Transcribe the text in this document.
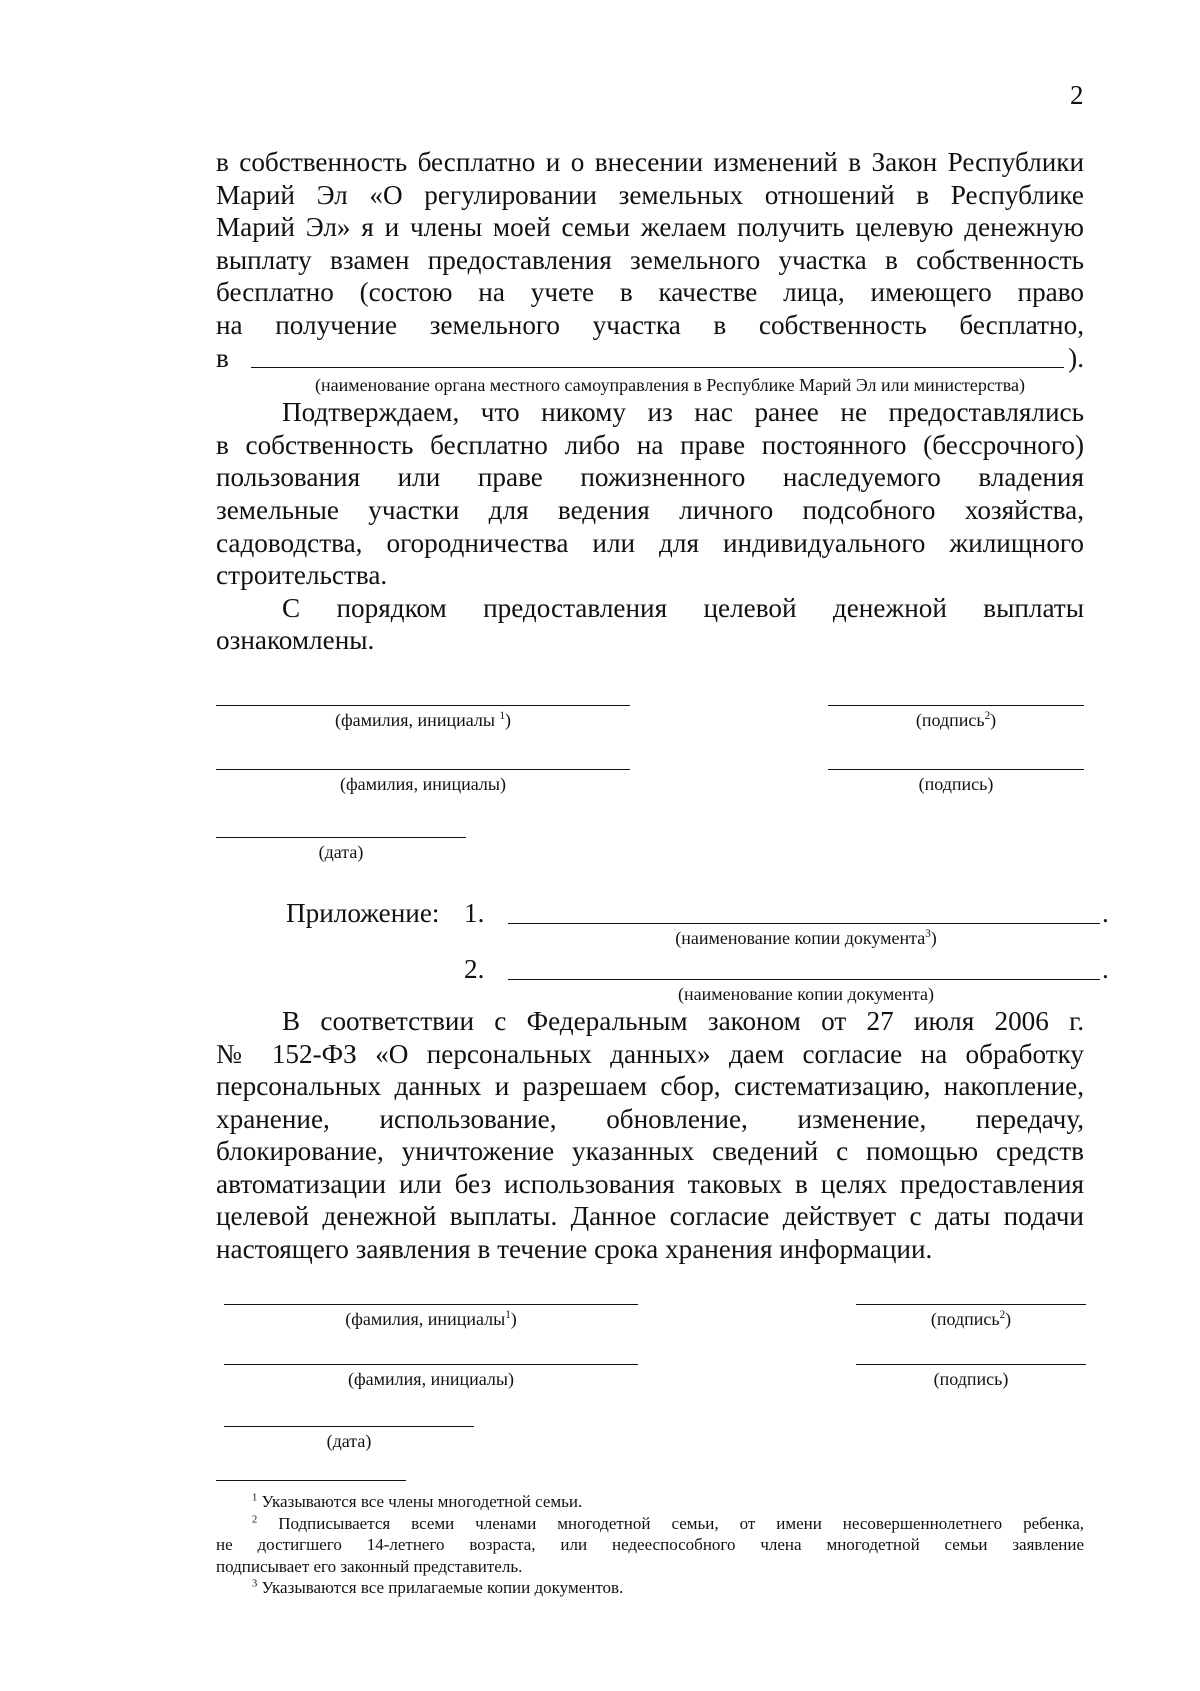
2

в собственность бесплатно и о внесении изменений в Закон Республики

Марий Эл «О регулировании земельных отношений в Республике

Марий Эл» я и члены моей семьи желаем получить целевую денежную

выплату взамен предоставления земельного участка в собственность

бесплатно (состою на учете в качестве лица, имеющего право

на получение земельного участка в собственность бесплатно,

в	).
(наименование органа местного самоуправления в Республике Марий Эл или министерства)

Подтверждаем, что никому из нас ранее не предоставлялись

в собственность бесплатно либо на праве постоянного (бессрочного)

пользования или праве пожизненного наследуемого владения

земельные участки для ведения личного подсобного хозяйства,

садоводства, огородничества или для индивидуального жилищного

строительства.

С порядком предоставления целевой денежной выплаты

ознакомлены.

(фамилия, инициалы $^1$)	(подпись$^2$)
(фамилия, инициалы)	(подпись)
(дата)
Приложение: 1.	.
(наименование копии документа$^3$)
2.	.
(наименование копии документа)

В соответствии с Федеральным законом от 27 июля 2006 г.

№ 152-ФЗ «О персональных данных» даем согласие на обработку

персональных данных и разрешаем сбор, систематизацию, накопление,

хранение, использование, обновление, изменение, передачу,

блокирование, уничтожение указанных сведений с помощью средств

автоматизации или без использования таковых в целях предоставления

целевой денежной выплаты. Данное согласие действует с даты подачи

настоящего заявления в течение срока хранения информации.

(фамилия, инициалы$^1$)	(подпись$^2$)
(фамилия, инициалы)	(подпись)
(дата)

$^1$ Указываются все члены многодетной семьи.

$^2$ Подписывается всеми членами многодетной семьи, от имени несовершеннолетнего ребенка,

не достигшего 14-летнего возраста, или недееспособного члена многодетной семьи заявление

подписывает его законный представитель.

$^3$ Указываются все прилагаемые копии документов.
